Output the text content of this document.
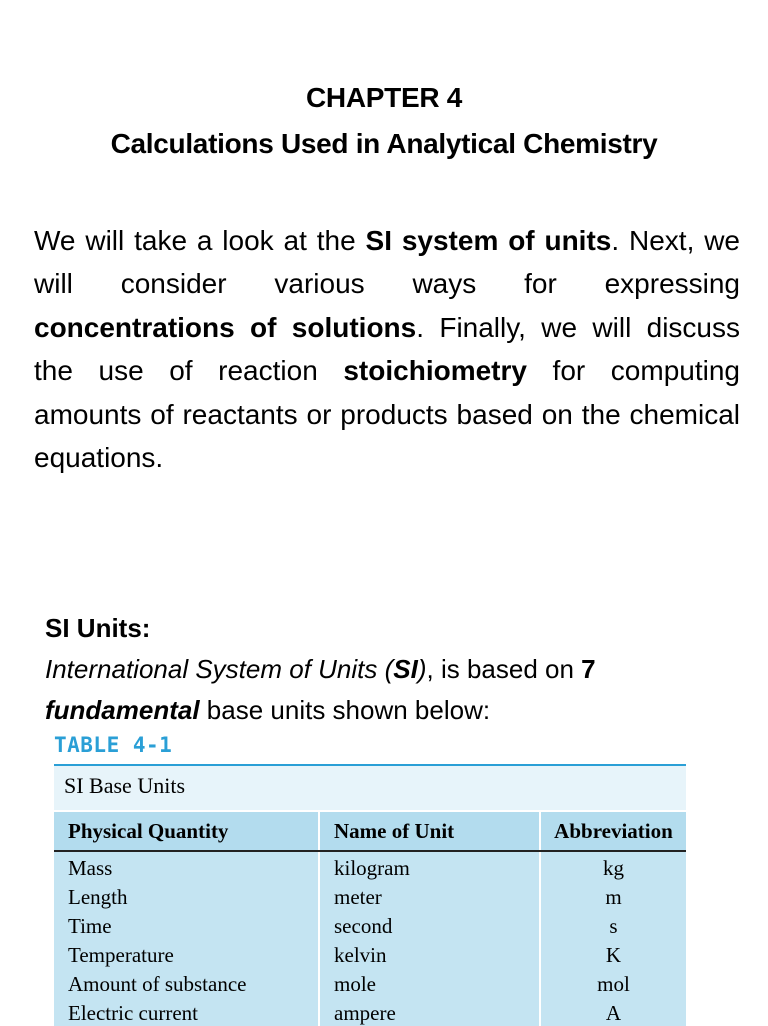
CHAPTER 4
Calculations Used in Analytical Chemistry

We will take a look at the SI system of units. Next, we will consider various ways for expressing concentrations of solutions. Finally, we will discuss the use of reaction stoichiometry for computing amounts of reactants or products based on the chemical equations.

SI Units:
International System of Units (SI), is based on 7
fundamental base units shown below:
TABLE 4-1
SI Base Units
Physical Quantity	Name of Unit	Abbreviation
Mass	kilogram	kg
Length	meter	m
Time	second	s
Temperature	kelvin	K
Amount of substance	mole	mol
Electric current	ampere	A
